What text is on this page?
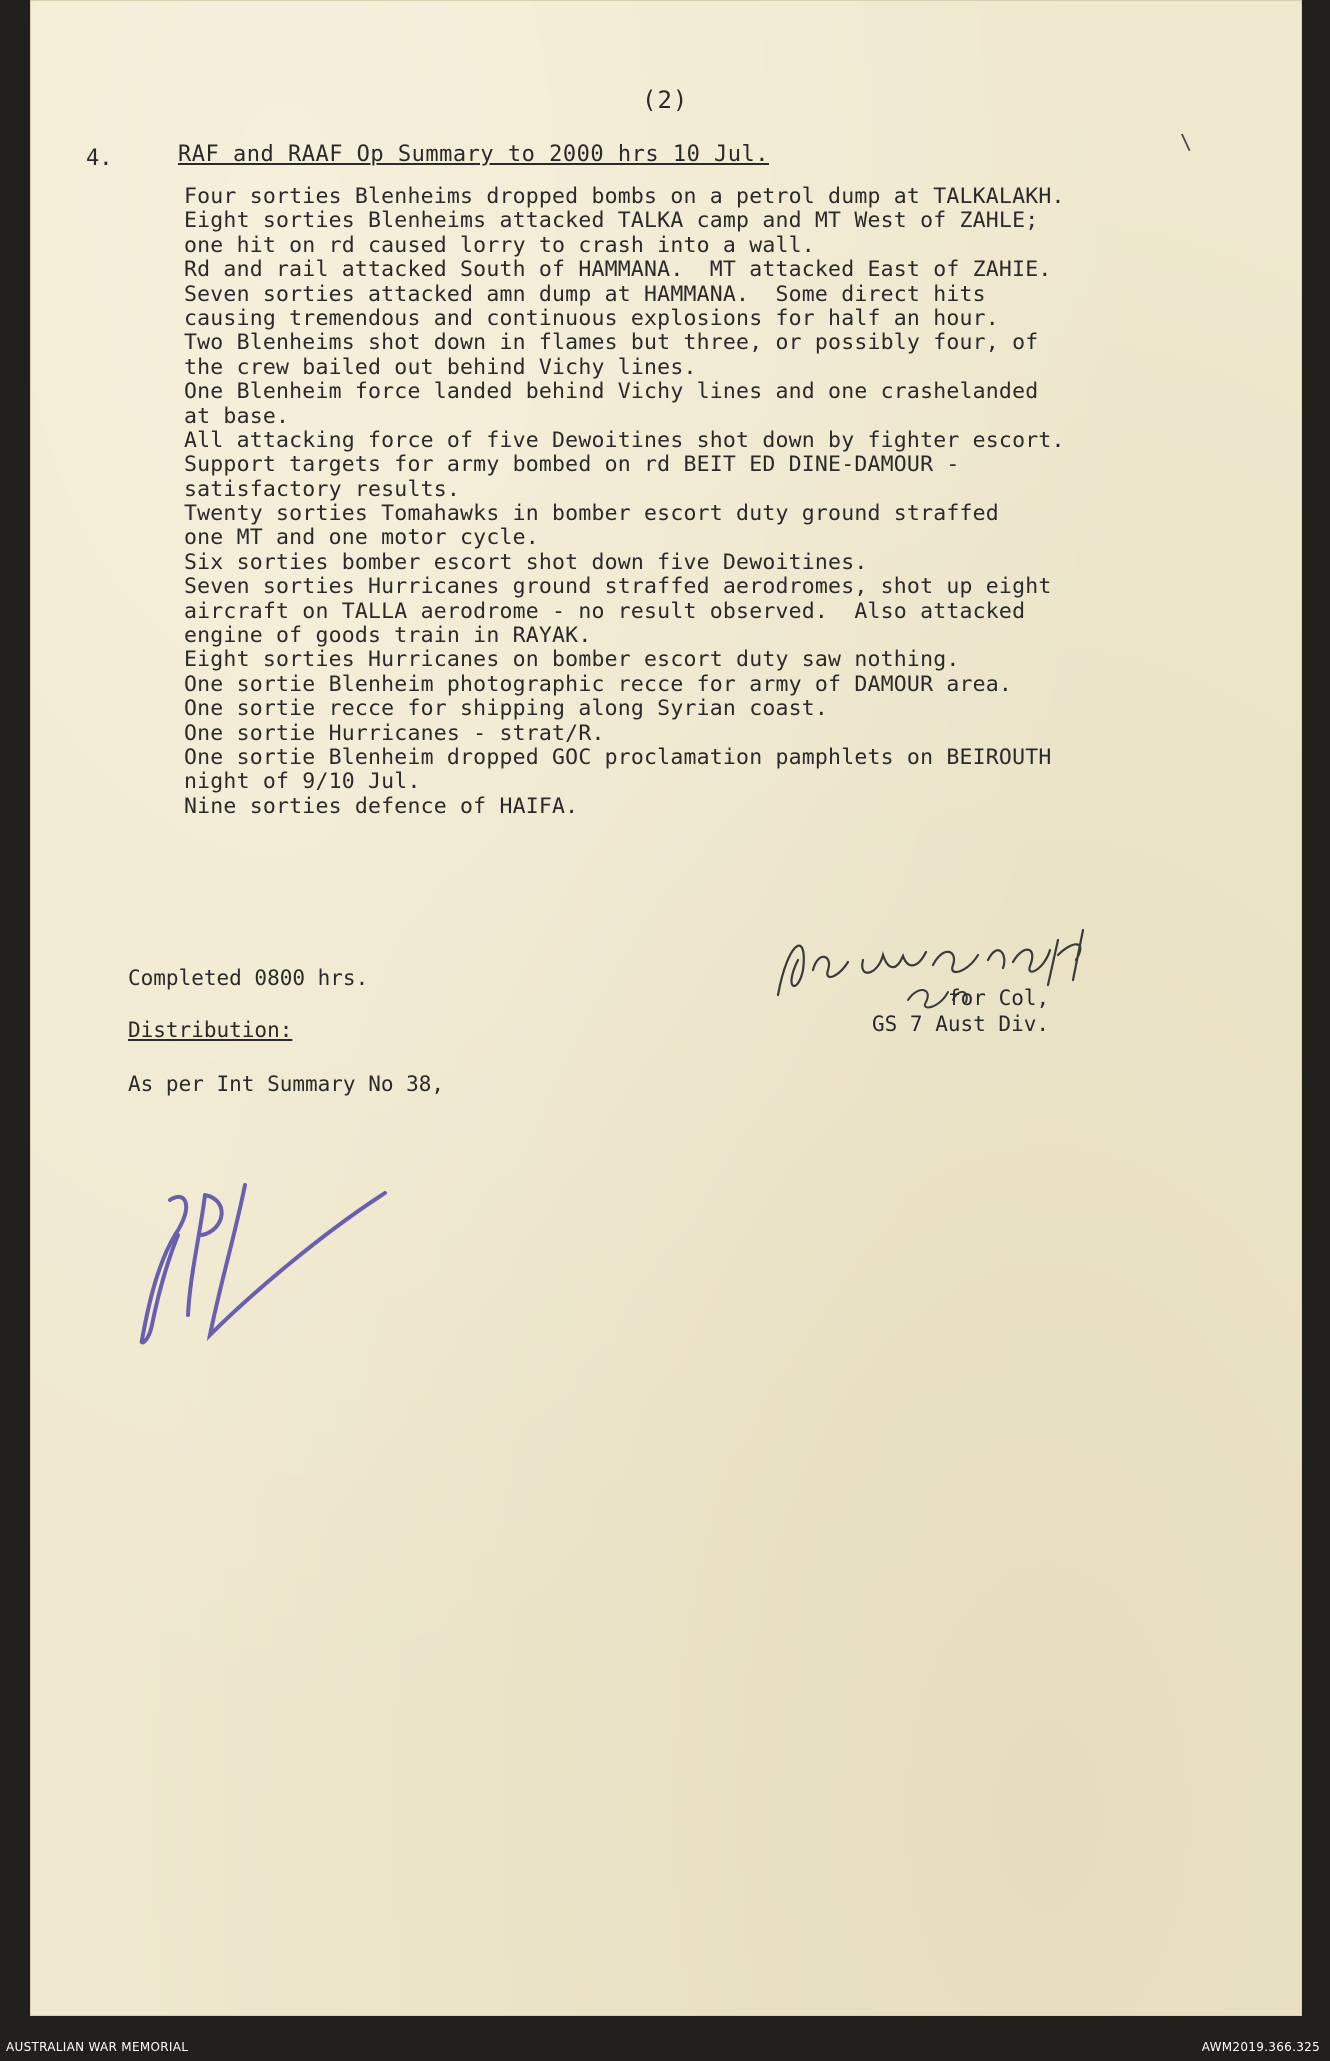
(2)
\
4.	RAF and RAAF Op Summary to 2000 hrs 10 Jul.
Four sorties Blenheims dropped bombs on a petrol dump at TALKALAKH.
Eight sorties Blenheims attacked TALKA camp and MT West of ZAHLE;
one hit on rd caused lorry to crash into a wall.
Rd and rail attacked South of HAMMANA.  MT attacked East of ZAHIE.
Seven sorties attacked amn dump at HAMMANA.  Some direct hits
causing tremendous and continuous explosions for half an hour.
Two Blenheims shot down in flames but three, or possibly four, of
the crew bailed out behind Vichy lines.
One Blenheim force landed behind Vichy lines and one crashelanded
at base.
All attacking force of five Dewoitines shot down by fighter escort.
Support targets for army bombed on rd BEIT ED DINE-DAMOUR -
satisfactory results.
Twenty sorties Tomahawks in bomber escort duty ground straffed
one MT and one motor cycle.
Six sorties bomber escort shot down five Dewoitines.
Seven sorties Hurricanes ground straffed aerodromes, shot up eight
aircraft on TALLA aerodrome - no result observed.  Also attacked
engine of goods train in RAYAK.
Eight sorties Hurricanes on bomber escort duty saw nothing.
One sortie Blenheim photographic recce for army of DAMOUR area.
One sortie recce for shipping along Syrian coast.
One sortie Hurricanes - strat/R.
One sortie Blenheim dropped GOC proclamation pamphlets on BEIROUTH
night of 9/10 Jul.
Nine sorties defence of HAIFA.
for Col,
GS 7 Aust Div.
Completed 0800 hrs.
Distribution:
As per Int Summary No 38,
AUSTRALIAN WAR MEMORIAL	AWM2019.366.325
